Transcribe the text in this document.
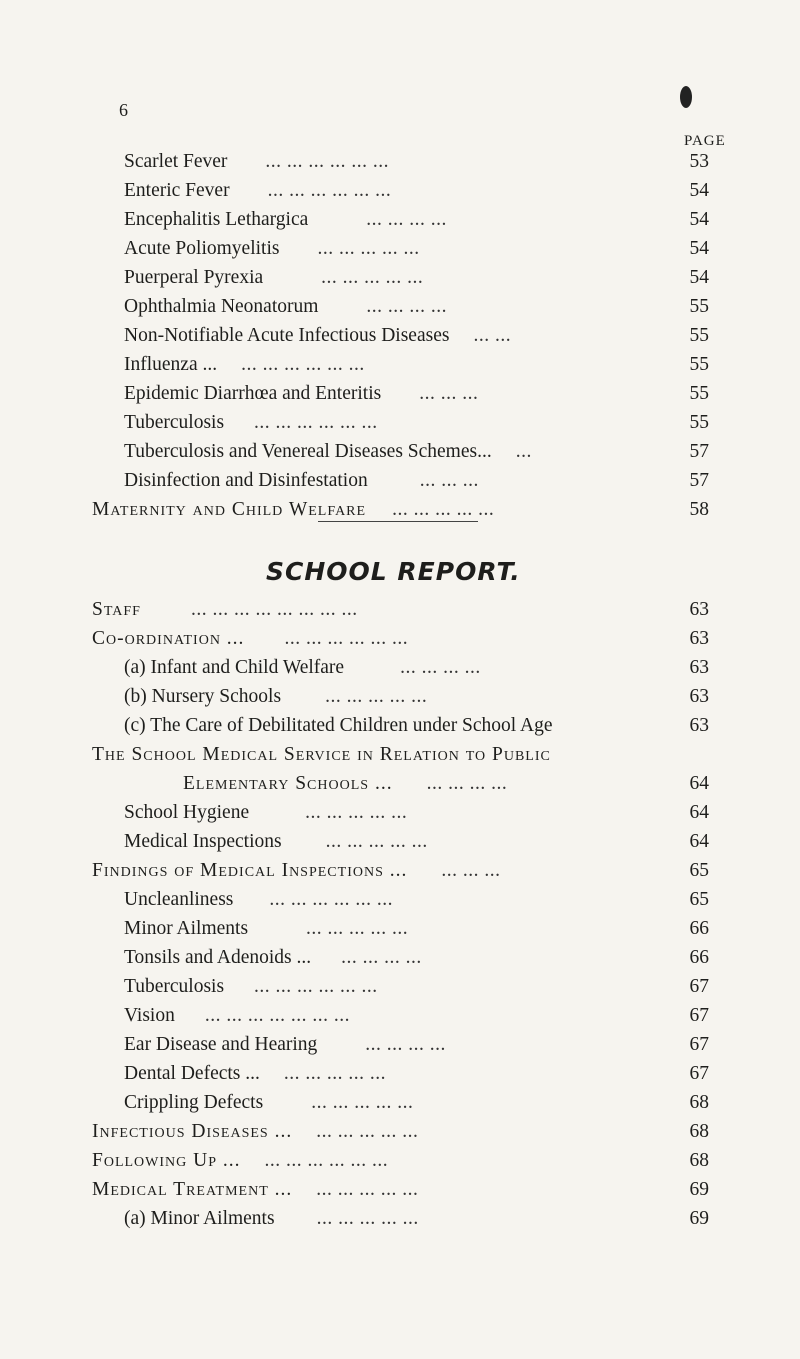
6
PAGE
Scarlet Fever ... ... ... ... ... ...	53
Enteric Fever ... ... ... ... ... ...	54
Encephalitis Lethargica	... ... ... ...	54
Acute Poliomyelitis ... ... ... ... ...	54
Puerperal Pyrexia	... ... ... ... ...	54
Ophthalmia Neonatorum ... ... ... ...	55
Non-Notifiable Acute Infectious Diseases ... ...	55
Influenza ... ... ... ... ... ... ...	55
Epidemic Diarrhœa and Enteritis ... ... ...	55
Tuberculosis ... ... ... ... ... ...	55
Tuberculosis and Venereal Diseases Schemes... ...	57
Disinfection and Disinfestation	... ... ...	57
Maternity and Child Welfare ... ... ... ... ...	58
SCHOOL REPORT.
Staff	... ... ... ... ... ... ... ...	63
Co-ordination ... ... ... ... ... ... ...	63
(a) Infant and Child Welfare	... ... ... ...	63
(b) Nursery Schools ... ... ... ... ...	63
(c) The Care of Debilitated Children under School Age	63
The School Medical Service in Relation to Public
Elementary Schools ... ... ... ... ...	64
School Hygiene	... ... ... ... ...	64
Medical Inspections ... ... ... ... ...	64
Findings of Medical Inspections ... ... ... ...	65
Uncleanliness ... ... ... ... ... ...	65
Minor Ailments	... ... ... ... ...	66
Tonsils and Adenoids ... ... ... ... ...	66
Tuberculosis ... ... ... ... ... ...	67
Vision ... ... ... ... ... ... ...	67
Ear Disease and Hearing ... ... ... ...	67
Dental Defects ... ... ... ... ... ...	67
Crippling Defects ... ... ... ... ...	68
Infectious Diseases ... ... ... ... ... ...	68
Following Up ... ... ... ... ... ... ...	68
Medical Treatment ... ... ... ... ... ...	69
(a) Minor Ailments ... ... ... ... ...	69
